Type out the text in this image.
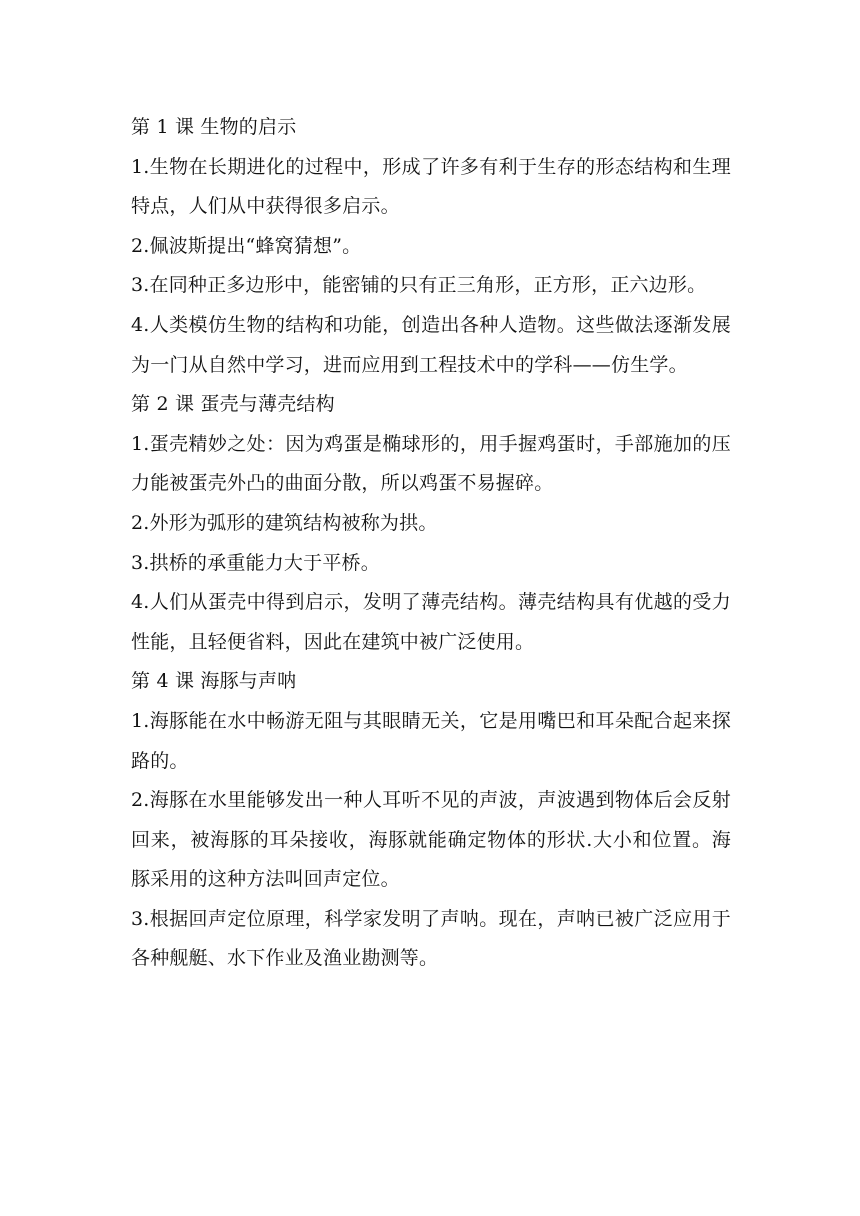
第 1 课 生物的启示

1.生物在长期进化的过程中，形成了许多有利于生存的形态结构和生理特点，人们从中获得很多启示。

2.佩波斯提出“蜂窝猜想”。

3.在同种正多边形中，能密铺的只有正三角形，正方形，正六边形。

4.人类模仿生物的结构和功能，创造出各种人造物。这些做法逐渐发展为一门从自然中学习，进而应用到工程技术中的学科——仿生学。

第 2 课 蛋壳与薄壳结构

1.蛋壳精妙之处：因为鸡蛋是椭球形的，用手握鸡蛋时，手部施加的压力能被蛋壳外凸的曲面分散，所以鸡蛋不易握碎。

2.外形为弧形的建筑结构被称为拱。

3.拱桥的承重能力大于平桥。

4.人们从蛋壳中得到启示，发明了薄壳结构。薄壳结构具有优越的受力性能，且轻便省料，因此在建筑中被广泛使用。

第 4 课 海豚与声呐

1.海豚能在水中畅游无阻与其眼睛无关，它是用嘴巴和耳朵配合起来探路的。

2.海豚在水里能够发出一种人耳听不见的声波，声波遇到物体后会反射回来，被海豚的耳朵接收，海豚就能确定物体的形状.大小和位置。海豚采用的这种方法叫回声定位。

3.根据回声定位原理，科学家发明了声呐。现在，声呐已被广泛应用于各种舰艇、水下作业及渔业勘测等。
